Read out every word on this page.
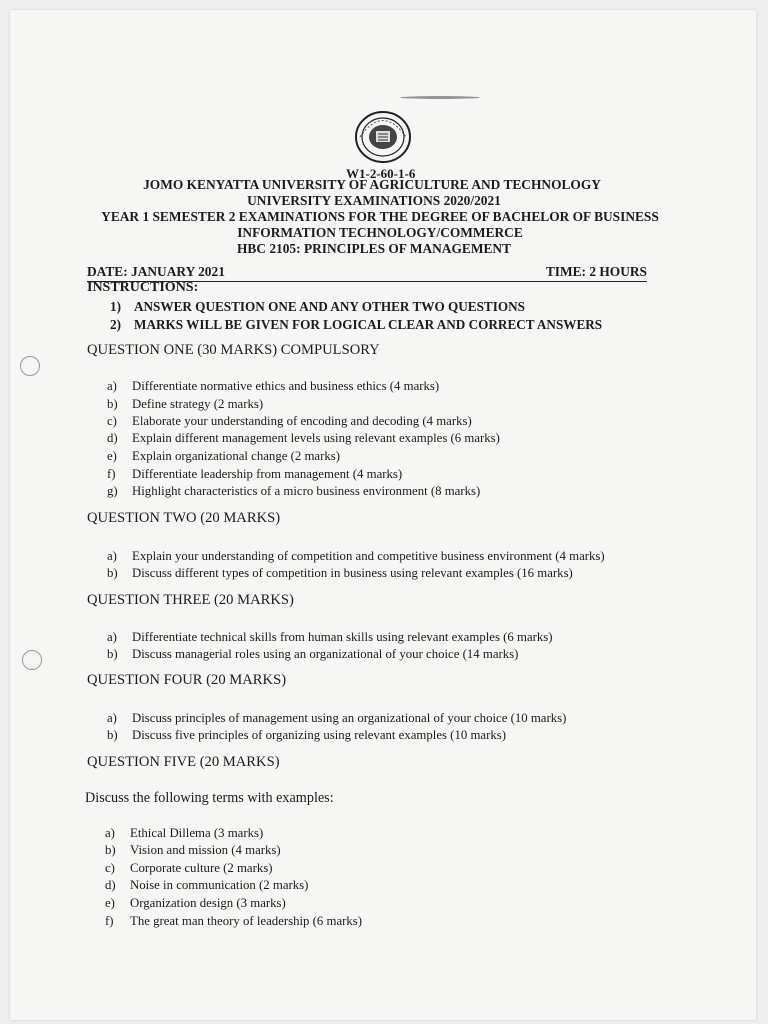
W1-2-60-1-6
JOMO KENYATTA UNIVERSITY OF AGRICULTURE AND TECHNOLOGY
UNIVERSITY EXAMINATIONS 2020/2021
YEAR 1 SEMESTER 2 EXAMINATIONS FOR THE DEGREE OF BACHELOR OF BUSINESS
INFORMATION TECHNOLOGY/COMMERCE
HBC 2105: PRINCIPLES OF MANAGEMENT
DATE: JANUARY 2021	TIME: 2 HOURS
INSTRUCTIONS:
1) ANSWER QUESTION ONE AND ANY OTHER TWO QUESTIONS
2) MARKS WILL BE GIVEN FOR LOGICAL CLEAR AND CORRECT ANSWERS
QUESTION ONE (30 MARKS) COMPULSORY
a) Differentiate normative ethics and business ethics (4 marks)
b) Define strategy (2 marks)
c) Elaborate your understanding of encoding and decoding (4 marks)
d) Explain different management levels using relevant examples (6 marks)
e) Explain organizational change (2 marks)
f) Differentiate leadership from management (4 marks)
g) Highlight characteristics of a micro business environment (8 marks)
QUESTION TWO (20 MARKS)
a) Explain your understanding of competition and competitive business environment (4 marks)
b) Discuss different types of competition in business using relevant examples (16 marks)
QUESTION THREE (20 MARKS)
a) Differentiate technical skills from human skills using relevant examples (6 marks)
b) Discuss managerial roles using an organizational of your choice (14 marks)
QUESTION FOUR (20 MARKS)
a) Discuss principles of management using an organizational of your choice (10 marks)
b) Discuss five principles of organizing using relevant examples (10 marks)
QUESTION FIVE (20 MARKS)
Discuss the following terms with examples:
a) Ethical Dillema (3 marks)
b) Vision and mission (4 marks)
c) Corporate culture (2 marks)
d) Noise in communication (2 marks)
e) Organization design (3 marks)
f) The great man theory of leadership (6 marks)
